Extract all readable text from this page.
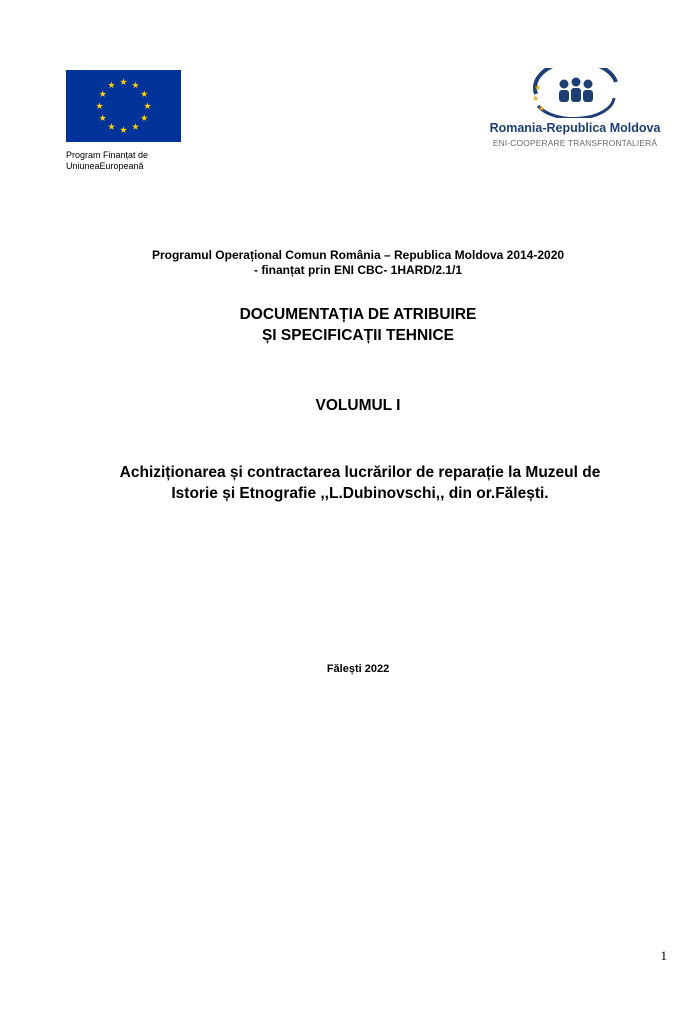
Program Finanțat de
UniuneaEuropeană
★
★
★
Romania-Republica Moldova
ENI-COOPERARE TRANSFRONTALIERĂ
Programul Operațional Comun România – Republica Moldova 2014-2020
- finanțat prin ENI CBC- 1HARD/2.1/1
DOCUMENTAȚIA DE ATRIBUIRE
ȘI SPECIFICAȚII TEHNICE
VOLUMUL I
Achiziționarea și contractarea lucrărilor de reparație la Muzeul de
Istorie și Etnografie ,,L.Dubinovschi,, din or.Fălești.
Fălești 2022
1
